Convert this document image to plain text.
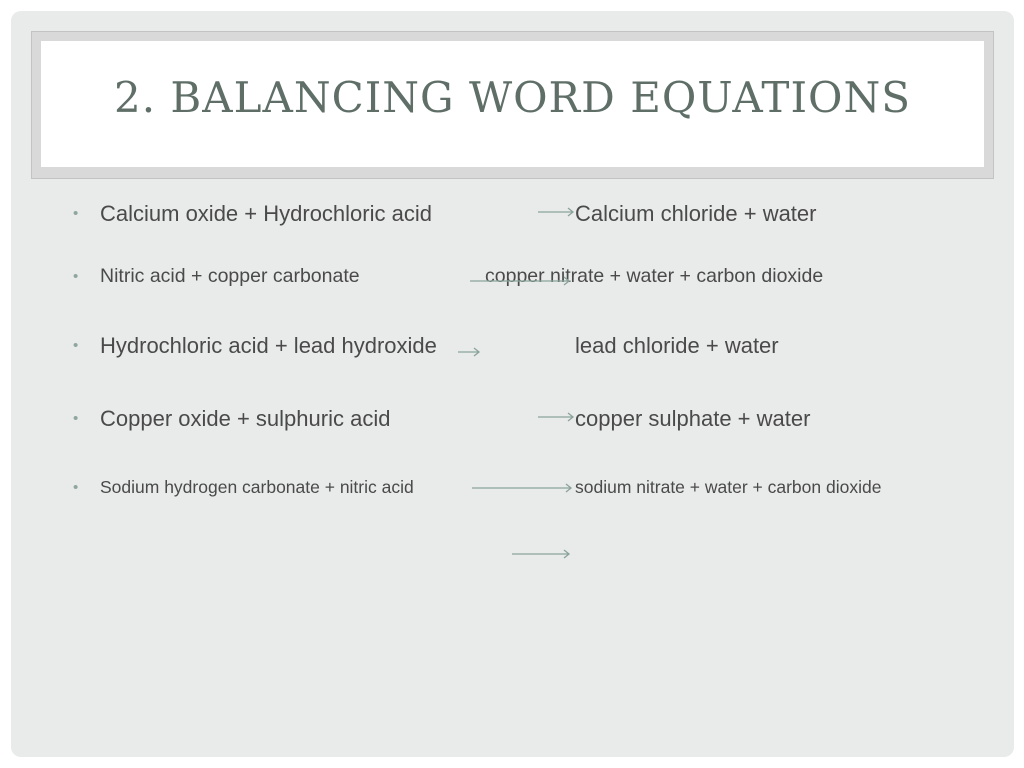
2. BALANCING WORD EQUATIONS
• Calcium oxide + Hydrochloric acid	Calcium chloride + water
• Nitric acid + copper carbonate	copper nitrate + water + carbon dioxide
• Hydrochloric acid + lead hydroxide	lead chloride + water
• Copper oxide + sulphuric acid	copper sulphate + water
• Sodium hydrogen carbonate + nitric acid	sodium nitrate + water + carbon dioxide
